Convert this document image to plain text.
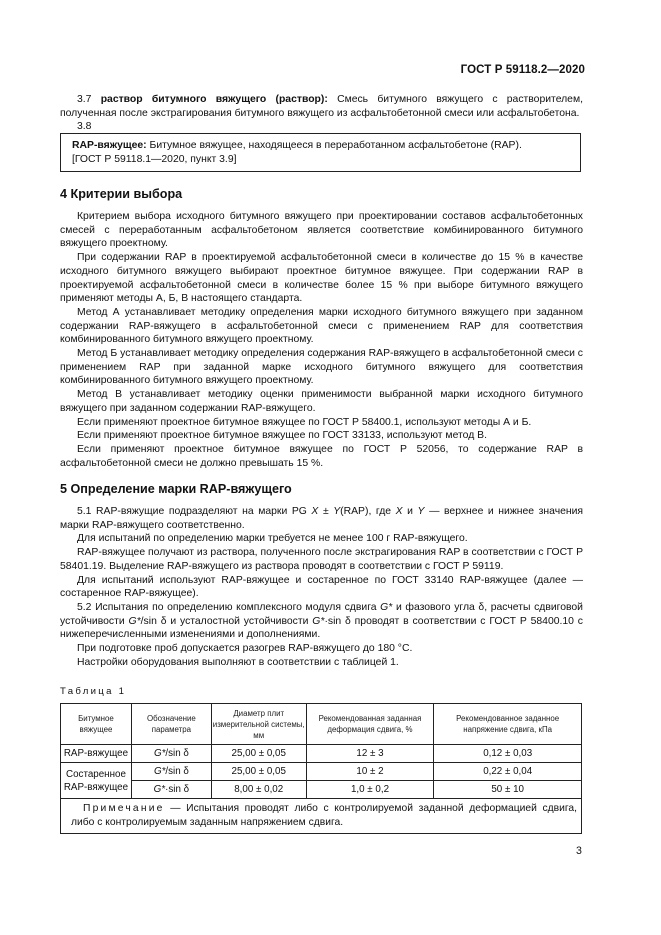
ГОСТ Р 59118.2—2020

3.7 раствор битумного вяжущего (раствор): Смесь битумного вяжущего с растворителем, полученная после экстрагирования битумного вяжущего из асфальтобетонной смеси или асфальтобетона.

3.8
RAP-вяжущее: Битумное вяжущее, находящееся в переработанном асфальтобетоне (RAP).
[ГОСТ Р 59118.1—2020, пункт 3.9]
4 Критерии выбора

Критерием выбора исходного битумного вяжущего при проектировании составов асфальтобетонных смесей с переработанным асфальтобетоном является соответствие комбинированного битумного вяжущего проектному.

При содержании RAP в проектируемой асфальтобетонной смеси в количестве до 15 % в качестве исходного битумного вяжущего выбирают проектное битумное вяжущее. При содержании RAP в проектируемой асфальтобетонной смеси в количестве более 15 % при выборе битумного вяжущего применяют методы А, Б, В настоящего стандарта.

Метод А устанавливает методику определения марки исходного битумного вяжущего при заданном содержании RAP-вяжущего в асфальтобетонной смеси с применением RAP для соответствия комбинированного битумного вяжущего проектному.

Метод Б устанавливает методику определения содержания RAP-вяжущего в асфальтобетонной смеси с применением RAP при заданной марке исходного битумного вяжущего для соответствия комбинированного битумного вяжущего проектному.

Метод В устанавливает методику оценки применимости выбранной марки исходного битумного вяжущего при заданном содержании RAP-вяжущего.

Если применяют проектное битумное вяжущее по ГОСТ Р 58400.1, используют методы А и Б.

Если применяют проектное битумное вяжущее по ГОСТ 33133, используют метод В.

Если применяют проектное битумное вяжущее по ГОСТ Р 52056, то содержание RAP в асфальтобетонной смеси не должно превышать 15 %.

5 Определение марки RAP-вяжущего

5.1 RAP-вяжущие подразделяют на марки PG X ± Y(RAP), где X и Y — верхнее и нижнее значения марки RAP-вяжущего соответственно.

Для испытаний по определению марки требуется не менее 100 г RAP-вяжущего.

RAP-вяжущее получают из раствора, полученного после экстрагирования RAP в соответствии с ГОСТ Р 58401.19. Выделение RAP-вяжущего из раствора проводят в соответствии с ГОСТ Р 59119.

Для испытаний используют RAP-вяжущее и состаренное по ГОСТ 33140 RAP-вяжущее (далее — состаренное RAP-вяжущее).

5.2 Испытания по определению комплексного модуля сдвига G* и фазового угла δ, расчеты сдвиговой устойчивости G*/sin δ и усталостной устойчивости G*·sin δ проводят в соответствии с ГОСТ Р 58400.10 с нижеперечисленными изменениями и дополнениями.

При подготовке проб допускается разогрев RAP-вяжущего до 180 °С.

Настройки оборудования выполняют в соответствии с таблицей 1.

Таблица 1
Битумное вяжущее	Обозначение параметра	Диаметр плит измерительной системы, мм	Рекомендованная заданная деформация сдвига, %	Рекомендованное заданное напряжение сдвига, кПа
RAP-вяжущее	G*/sin δ	25,00 ± 0,05	12 ± 3	0,12 ± 0,03
Состаренное RAP-вяжущее	G*/sin δ	25,00 ± 0,05	10 ± 2	0,22 ± 0,04
	G*·sin δ	8,00 ± 0,02	1,0 ± 0,2	50 ± 10
Примечание — Испытания проводят либо с контролируемой заданной деформацией сдвига, либо с контролируемым заданным напряжением сдвига.				
3
